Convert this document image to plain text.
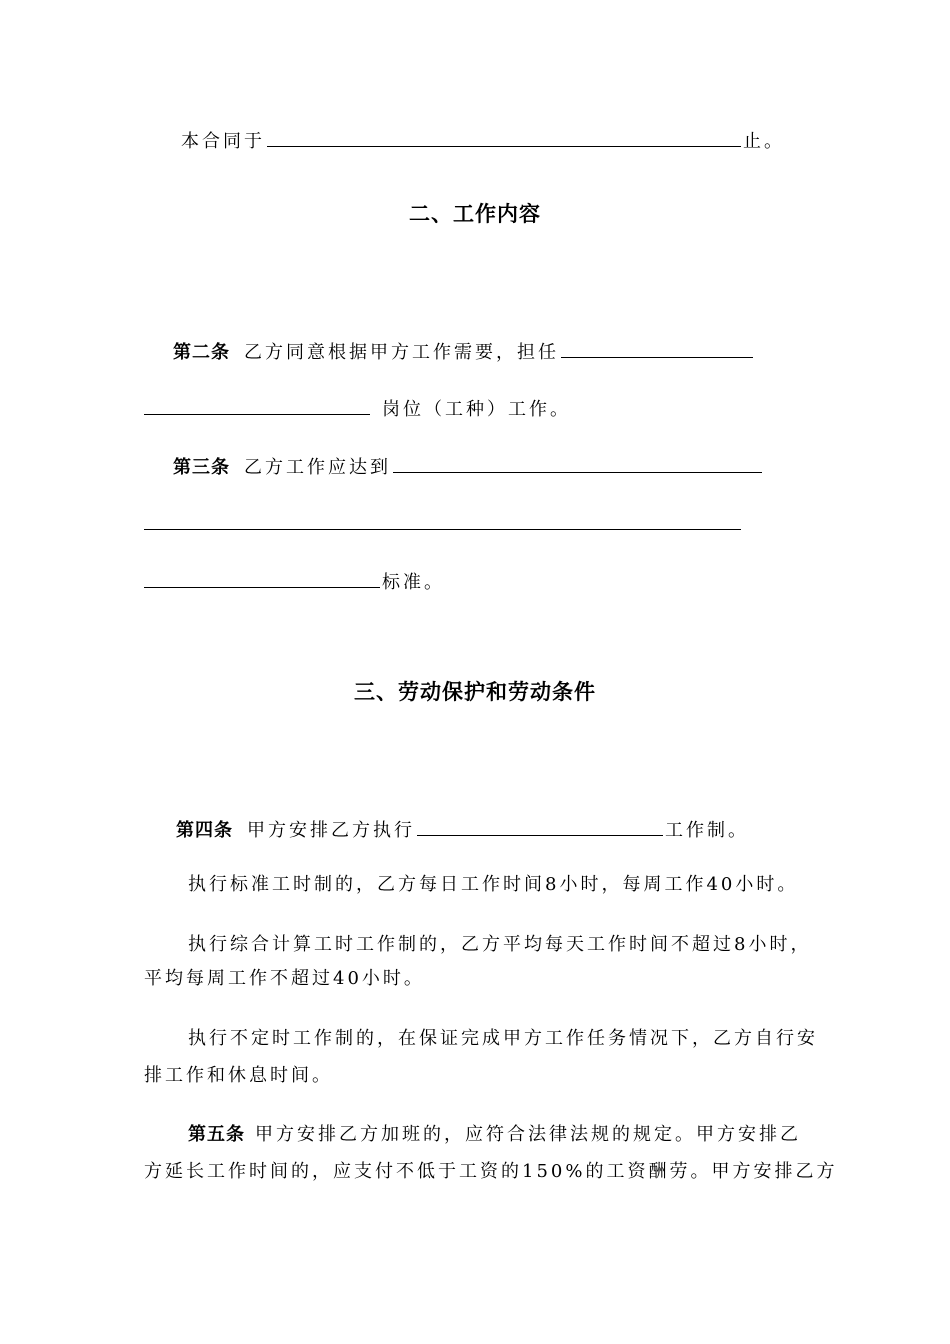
本合同于	止。
二、工作内容
第二条 乙方同意根据甲方工作需要，担任
岗位（工种）工作。
第三条 乙方工作应达到
标准。
三、劳动保护和劳动条件
第四条 甲方安排乙方执行	工作制。
执行标准工时制的，乙方每日工作时间8小时，每周工作40小时。
执行综合计算工时工作制的，乙方平均每天工作时间不超过8小时，
平均每周工作不超过40小时。
执行不定时工作制的，在保证完成甲方工作任务情况下，乙方自行安
排工作和休息时间。
第五条 甲方安排乙方加班的，应符合法律法规的规定。甲方安排乙
方延长工作时间的，应支付不低于工资的150%的工资酬劳。甲方安排乙方
